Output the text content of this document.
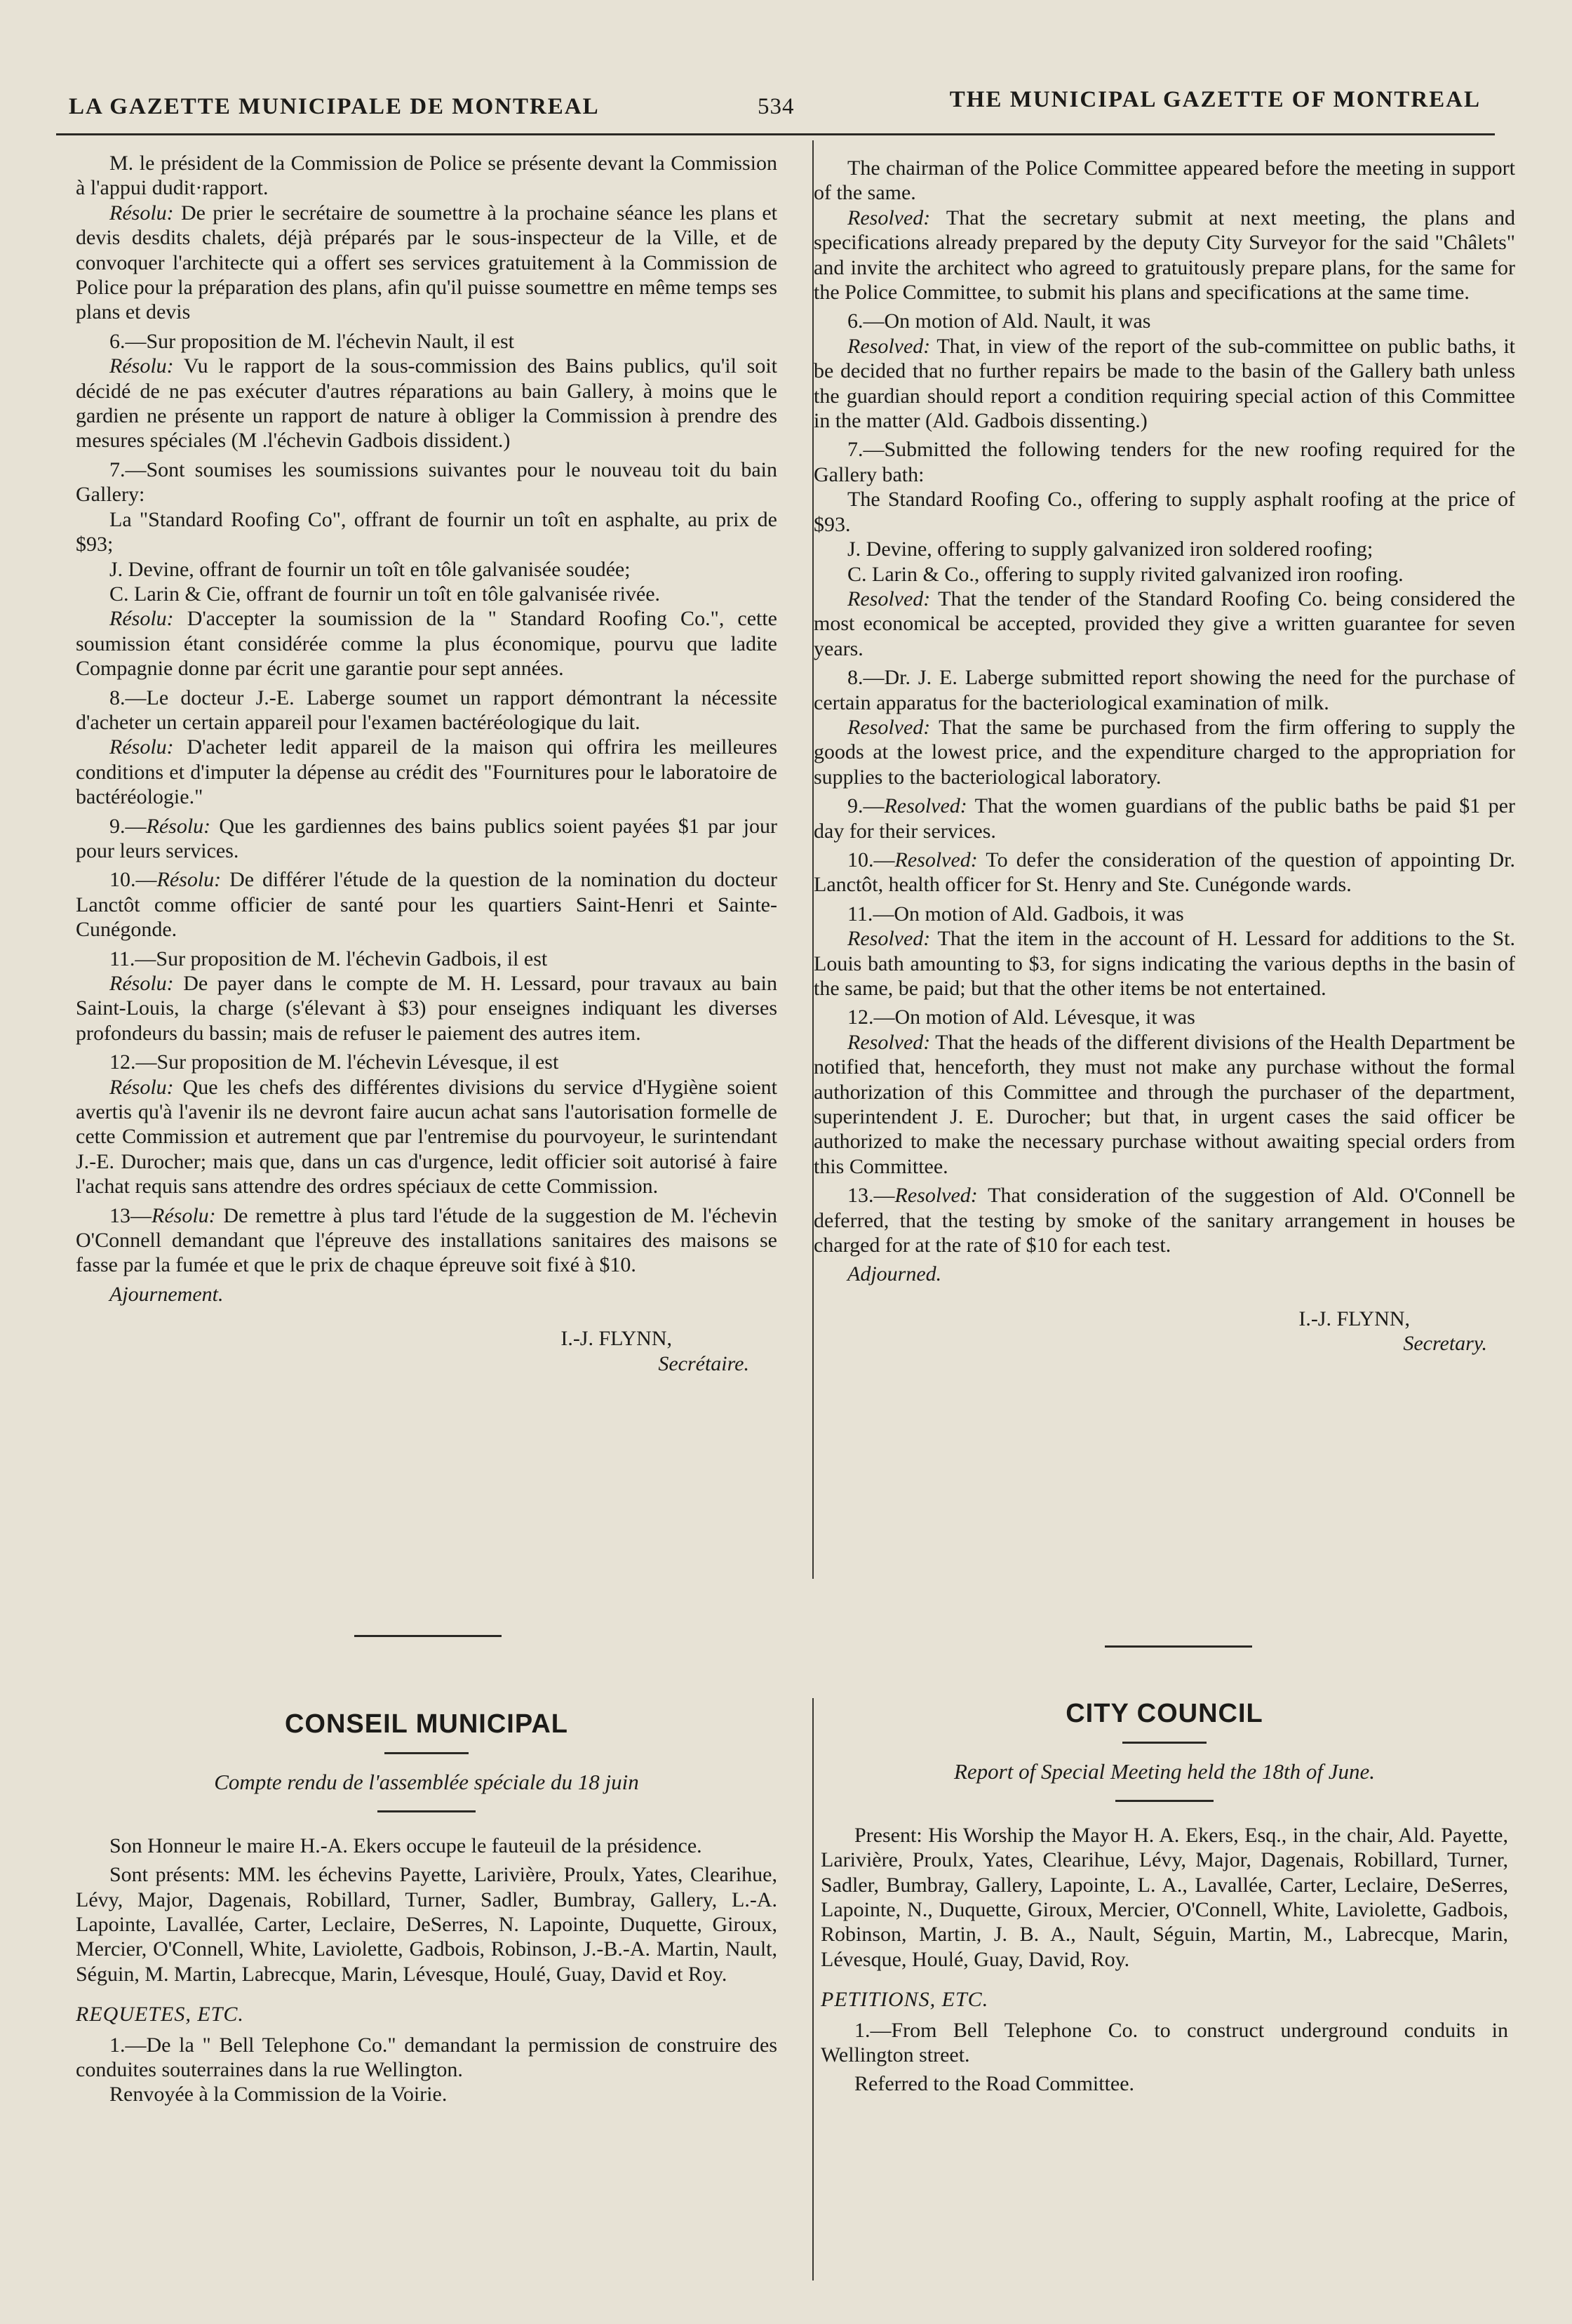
LA GAZETTE MUNICIPALE DE MONTREAL	534	THE MUNICIPAL GAZETTE OF MONTREAL

M. le président de la Commission de Police se présente devant la Commission à l'appui dudit·rapport.

Résolu: De prier le secrétaire de soumettre à la prochaine séance les plans et devis desdits chalets, déjà préparés par le sous-inspecteur de la Ville, et de convoquer l'architecte qui a offert ses services gratuitement à la Commission de Police pour la préparation des plans, afin qu'il puisse soumettre en même temps ses plans et devis

6.—Sur proposition de M. l'échevin Nault, il est

Résolu: Vu le rapport de la sous-commission des Bains publics, qu'il soit décidé de ne pas exécuter d'autres réparations au bain Gallery, à moins que le gardien ne présente un rapport de nature à obliger la Commission à prendre des mesures spéciales (M .l'échevin Gadbois dissident.)

7.—Sont soumises les soumissions suivantes pour le nouveau toit du bain Gallery:

La "Standard Roofing Co", offrant de fournir un toît en asphalte, au prix de $93;

J. Devine, offrant de fournir un toît en tôle galvanisée soudée;

C. Larin & Cie, offrant de fournir un toît en tôle galvanisée rivée.

Résolu: D'accepter la soumission de la " Standard Roofing Co.", cette soumission étant considérée comme la plus économique, pourvu que ladite Compagnie donne par écrit une garantie pour sept années.

8.—Le docteur J.-E. Laberge soumet un rapport démontrant la nécessite d'acheter un certain appareil pour l'examen bactéréologique du lait.

Résolu: D'acheter ledit appareil de la maison qui offrira les meilleures conditions et d'imputer la dépense au crédit des "Fournitures pour le laboratoire de bactéréologie."

9.—Résolu: Que les gardiennes des bains publics soient payées $1 par jour pour leurs services.

10.—Résolu: De différer l'étude de la question de la nomination du docteur Lanctôt comme officier de santé pour les quartiers Saint-Henri et Sainte-Cunégonde.

11.—Sur proposition de M. l'échevin Gadbois, il est

Résolu: De payer dans le compte de M. H. Lessard, pour travaux au bain Saint-Louis, la charge (s'élevant à $3) pour enseignes indiquant les diverses profondeurs du bassin; mais de refuser le paiement des autres item.

12.—Sur proposition de M. l'échevin Lévesque, il est

Résolu: Que les chefs des différentes divisions du service d'Hygiène soient avertis qu'à l'avenir ils ne devront faire aucun achat sans l'autorisation formelle de cette Commission et autrement que par l'entremise du pourvoyeur, le surintendant J.-E. Durocher; mais que, dans un cas d'urgence, ledit officier soit autorisé à faire l'achat requis sans attendre des ordres spéciaux de cette Commission.

13—Résolu: De remettre à plus tard l'étude de la suggestion de M. l'échevin O'Connell demandant que l'épreuve des installations sanitaires des maisons se fasse par la fumée et que le prix de chaque épreuve soit fixé à $10.

Ajournement.

I.-J. FLYNN,

Secrétaire.

The chairman of the Police Committee appeared before the meeting in support of the same.

Resolved: That the secretary submit at next meeting, the plans and specifications already prepared by the deputy City Surveyor for the said "Châlets" and invite the architect who agreed to gratuitously prepare plans, for the same for the Police Committee, to submit his plans and specifications at the same time.

6.—On motion of Ald. Nault, it was

Resolved: That, in view of the report of the sub-committee on public baths, it be decided that no further repairs be made to the basin of the Gallery bath unless the guardian should report a condition requiring special action of this Committee in the matter (Ald. Gadbois dissenting.)

7.—Submitted the following tenders for the new roofing required for the Gallery bath:

The Standard Roofing Co., offering to supply asphalt roofing at the price of $93.

J. Devine, offering to supply galvanized iron soldered roofing;

C. Larin & Co., offering to supply rivited galvanized iron roofing.

Resolved: That the tender of the Standard Roofing Co. being considered the most economical be accepted, provided they give a written guarantee for seven years.

8.—Dr. J. E. Laberge submitted report showing the need for the purchase of certain apparatus for the bacteriological examination of milk.

Resolved: That the same be purchased from the firm offering to supply the goods at the lowest price, and the expenditure charged to the appropriation for supplies to the bacteriological laboratory.

9.—Resolved: That the women guardians of the public baths be paid $1 per day for their services.

10.—Resolved: To defer the consideration of the question of appointing Dr. Lanctôt, health officer for St. Henry and Ste. Cunégonde wards.

11.—On motion of Ald. Gadbois, it was

Resolved: That the item in the account of H. Lessard for additions to the St. Louis bath amounting to $3, for signs indicating the various depths in the basin of the same, be paid; but that the other items be not entertained.

12.—On motion of Ald. Lévesque, it was

Resolved: That the heads of the different divisions of the Health Department be notified that, henceforth, they must not make any purchase without the formal authorization of this Committee and through the purchaser of the department, superintendent J. E. Durocher; but that, in urgent cases the said officer be authorized to make the necessary purchase without awaiting special orders from this Committee.

13.—Resolved: That consideration of the suggestion of Ald. O'Connell be deferred, that the testing by smoke of the sanitary arrangement in houses be charged for at the rate of $10 for each test.

Adjourned.

I.-J. FLYNN,

Secretary.

CONSEIL MUNICIPAL

Compte rendu de l'assemblée spéciale du 18 juin

Son Honneur le maire H.-A. Ekers occupe le fauteuil de la présidence.

Sont présents: MM. les échevins Payette, Larivière, Proulx, Yates, Clearihue, Lévy, Major, Dagenais, Robillard, Turner, Sadler, Bumbray, Gallery, L.-A. Lapointe, Lavallée, Carter, Leclaire, DeSerres, N. Lapointe, Duquette, Giroux, Mercier, O'Connell, White, Laviolette, Gadbois, Robinson, J.-B.-A. Martin, Nault, Séguin, M. Martin, Labrecque, Marin, Lévesque, Houlé, Guay, David et Roy.

REQUETES, ETC.

1.—De la " Bell Telephone Co." demandant la permission de construire des conduites souterraines dans la rue Wellington.

Renvoyée à la Commission de la Voirie.

CITY COUNCIL

Report of Special Meeting held the 18th of June.

Present: His Worship the Mayor H. A. Ekers, Esq., in the chair, Ald. Payette, Larivière, Proulx, Yates, Clearihue, Lévy, Major, Dagenais, Robillard, Turner, Sadler, Bumbray, Gallery, Lapointe, L. A., Lavallée, Carter, Leclaire, DeSerres, Lapointe, N., Duquette, Giroux, Mercier, O'Connell, White, Laviolette, Gadbois, Robinson, Martin, J. B. A., Nault, Séguin, Martin, M., Labrecque, Marin, Lévesque, Houlé, Guay, David, Roy.

PETITIONS, ETC.

1.—From Bell Telephone Co. to construct underground conduits in Wellington street.

Referred to the Road Committee.
